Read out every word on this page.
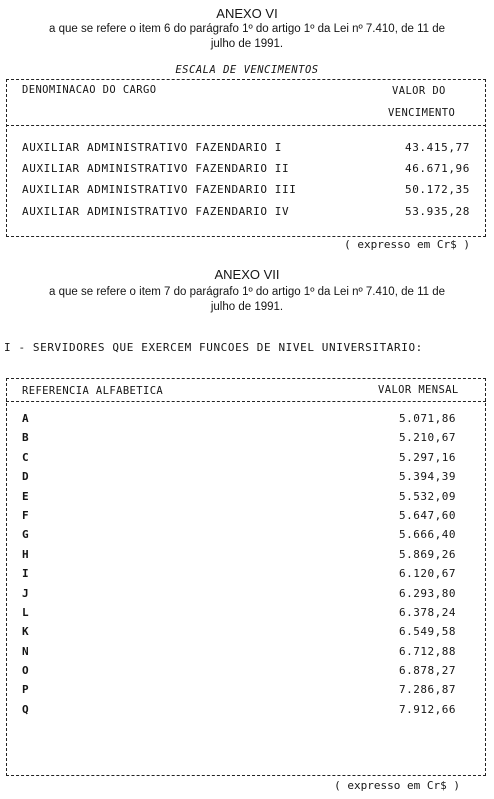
ANEXO VI
a que se refere o item 6 do parágrafo 1º do artigo 1º da Lei nº 7.410, de 11 de
julho de 1991.
ESCALA DE VENCIMENTOS
DENOMINACAO DO CARGO	VALOR DO
VENCIMENTO
AUXILIAR ADMINISTRATIVO FAZENDARIO I	43.415,77
AUXILIAR ADMINISTRATIVO FAZENDARIO II	46.671,96
AUXILIAR ADMINISTRATIVO FAZENDARIO III	50.172,35
AUXILIAR ADMINISTRATIVO FAZENDARIO IV	53.935,28
( expresso em Cr$ )
ANEXO VII
a que se refere o item 7 do parágrafo 1º do artigo 1º da Lei nº 7.410, de 11 de
julho de 1991.
I - SERVIDORES QUE EXERCEM FUNCOES DE NIVEL UNIVERSITARIO:
REFERENCIA ALFABETICA	VALOR MENSAL
A	5.071,86
B	5.210,67
C	5.297,16
D	5.394,39
E	5.532,09
F	5.647,60
G	5.666,40
H	5.869,26
I	6.120,67
J	6.293,80
L	6.378,24
K	6.549,58
N	6.712,88
O	6.878,27
P	7.286,87
Q	7.912,66
( expresso em Cr$ )
